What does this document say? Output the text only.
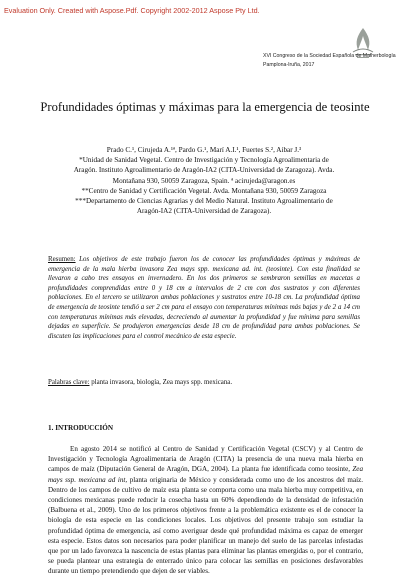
Evaluation Only. Created with Aspose.Pdf. Copyright 2002-2012 Aspose Pty Ltd.
XVI Congreso de la Sociedad Española de Malherbología
Pamplona-Iruña, 2017
Profundidades óptimas y máximas para la emergencia de teosinte
Prado C.¹, Cirujeda A.¹ª, Pardo G.¹, Marí A.I.¹, Fuertes S.², Aibar J.³
*Unidad de Sanidad Vegetal. Centro de Investigación y Tecnología Agroalimentaria de
Aragón. Instituto Agroalimentario de Aragón-IA2 (CITA-Universidad de Zaragoza). Avda.
Montañana 930, 50059 Zaragoza, Spain. ª acirujeda@aragon.es
**Centro de Sanidad y Certificación Vegetal. Avda. Montañana 930, 50059 Zaragoza
***Departamento de Ciencias Agrarias y del Medio Natural. Instituto Agroalimentario de
Aragón-IA2 (CITA-Universidad de Zaragoza).
Resumen: Los objetivos de este trabajo fueron los de conocer las profundidades óptimas y máximas de emergencia de la mala hierba invasora Zea mays spp. mexicana ad. int. (teosinte). Con esta finalidad se llevaron a cabo tres ensayos en invernadero. En los dos primeros se sembraron semillas en macetas a profundidades comprendidas entre 0 y 18 cm a intervalos de 2 cm con dos sustratos y con diferentes poblaciones. En el tercero se utilizaron ambas poblaciones y sustratos entre 10-18 cm. La profundidad óptima de emergencia de teosinte tendió a ser 2 cm para el ensayo con temperaturas mínimas más bajas y de 2 a 14 cm con temperaturas mínimas más elevadas, decreciendo al aumentar la profundidad y fue mínima para semillas dejadas en superficie. Se produjeron emergencias desde 18 cm de profundidad para ambas poblaciones. Se discuten las implicaciones para el control mecánico de esta especie.
Palabras clave: planta invasora, biología, Zea mays spp. mexicana.
1. INTRODUCCIÓN
En agosto 2014 se notificó al Centro de Sanidad y Certificación Vegetal (CSCV) y al Centro de Investigación y Tecnología Agroalimentaria de Aragón (CITA) la presencia de una nueva mala hierba en campos de maíz (Diputación General de Aragón, DGA, 2004). La planta fue identificada como teosinte, Zea mays ssp. mexicana ad int, planta originaria de México y considerada como uno de los ancestros del maíz. Dentro de los campos de cultivo de maíz esta planta se comporta como una mala hierba muy competitiva, en condiciones mexicanas puede reducir la cosecha hasta un 60% dependiendo de la densidad de infestación (Balbuena et al., 2009). Uno de los primeros objetivos frente a la problemática existente es el de conocer la biología de esta especie en las condiciones locales. Los objetivos del presente trabajo son estudiar la profundidad óptima de emergencia, así como averiguar desde qué profundidad máxima es capaz de emerger esta especie. Estos datos son necesarios para poder planificar un manejo del suelo de las parcelas infestadas que por un lado favorezca la nascencia de estas plantas para eliminar las plantas emergidas o, por el contrario, se pueda plantear una estrategia de enterrado único para colocar las semillas en posiciones desfavorables durante un tiempo pretendiendo que dejen de ser viables.
